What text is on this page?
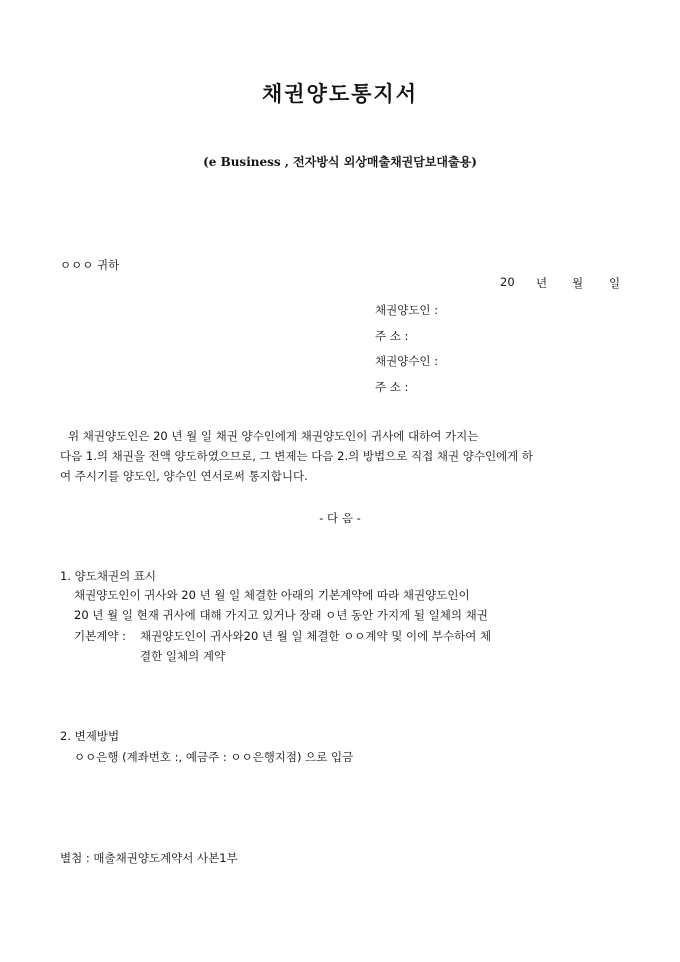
채권양도통지서
(e Business , 전자방식 외상매출채권담보대출용)
ㅇㅇㅇ 귀하
20 년 월 일
채권양도인 :
주 소 :
채권양수인 :
주 소 :
위 채권양도인은 20 년 월 일 채권 양수인에게 채권양도인이 귀사에 대하여 가지는
다음 1.의 채권을 전액 양도하였으므로, 그 변제는 다음 2.의 방법으로 직접 채권 양수인에게 하
여 주시기를 양도인, 양수인 연서로써 통지합니다.
- 다 음 -
1. 양도채권의 표시
채권양도인이 귀사와 20 년 월 일 체결한 아래의 기본계약에 따라 채권양도인이
20 년 월 일 현재 귀사에 대해 가지고 있거나 장래 ㅇ년 동안 가지게 될 일체의 채권
기본계약 : 채권양도인이 귀사와20 년 월 일 체결한 ㅇㅇ계약 및 이에 부수하여 체
결한 일체의 계약
2. 변제방법
ㅇㅇ은행 (계좌번호 :, 예금주 : ㅇㅇ은행지점) 으로 입금
별첨 : 매출채권양도계약서 사본1부
